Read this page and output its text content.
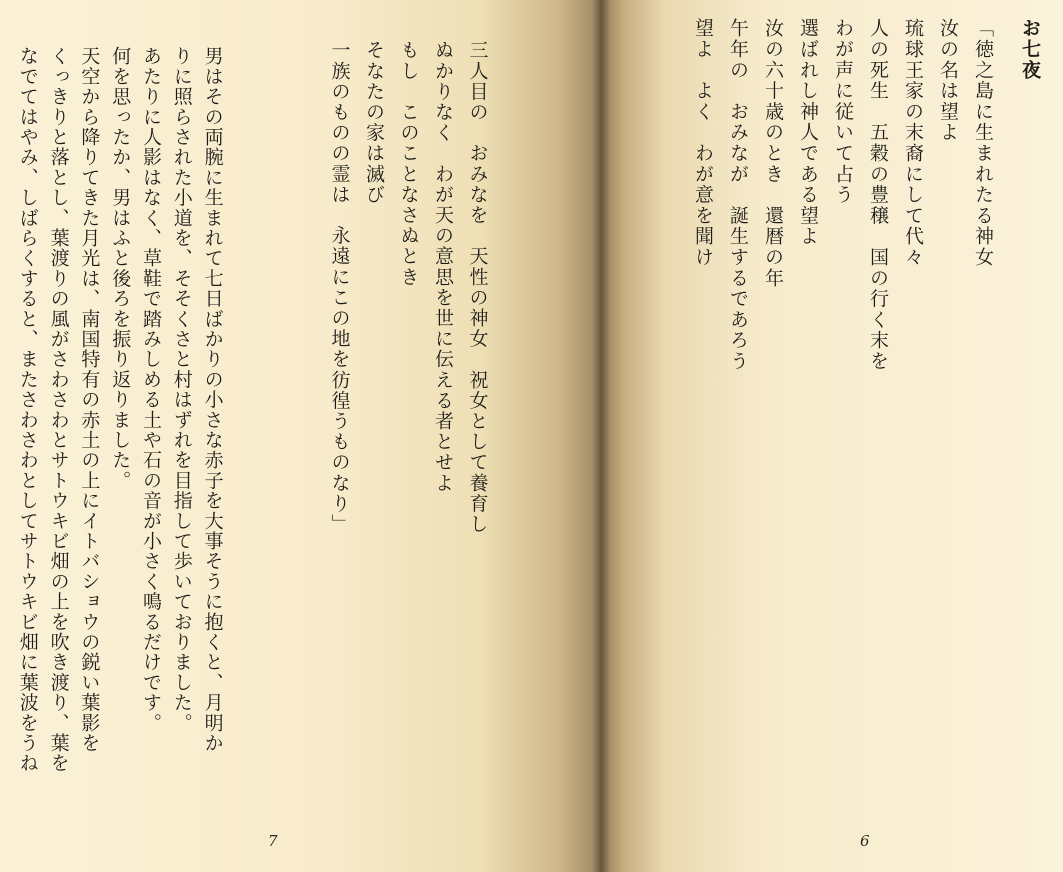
男はその両腕に生まれて七日ばかりの小さな赤子を大事そうに抱くと、月明か
りに照らされた小道を、そそくさと村はずれを目指して歩いておりました。
あたりに人影はなく、草鞋で踏みしめる土や石の音が小さく鳴るだけです。
何を思ったか、男はふと後ろを振り返りました。
天空から降りてきた月光は、南国特有の赤土の上にイトバショウの鋭い葉影を
くっきりと落とし、葉渡りの風がさわさわとサトウキビ畑の上を吹き渡り、葉を
なでてはやみ、しばらくすると、またさわさわとしてサトウキビ畑に葉波をうね	三人目の　おみなを　天性の神女　祝女として養育し
ぬかりなく　わが天の意思を世に伝える者とせよ
もし　このことなさぬとき
そなたの家は滅び
一族のものの霊は　永遠にこの地を彷徨うものなり」
7
お七夜
「徳之島に生まれたる神女
汝の名は望よ
琉球王家の末裔にして代々
人の死生　五穀の豊穣　国の行く末を
わが声に従いて占う
選ばれし神人である望よ
汝の六十歳のとき　還暦の年
午年の　おみなが　誕生するであろう
望よ　よく　わが意を聞け
6
